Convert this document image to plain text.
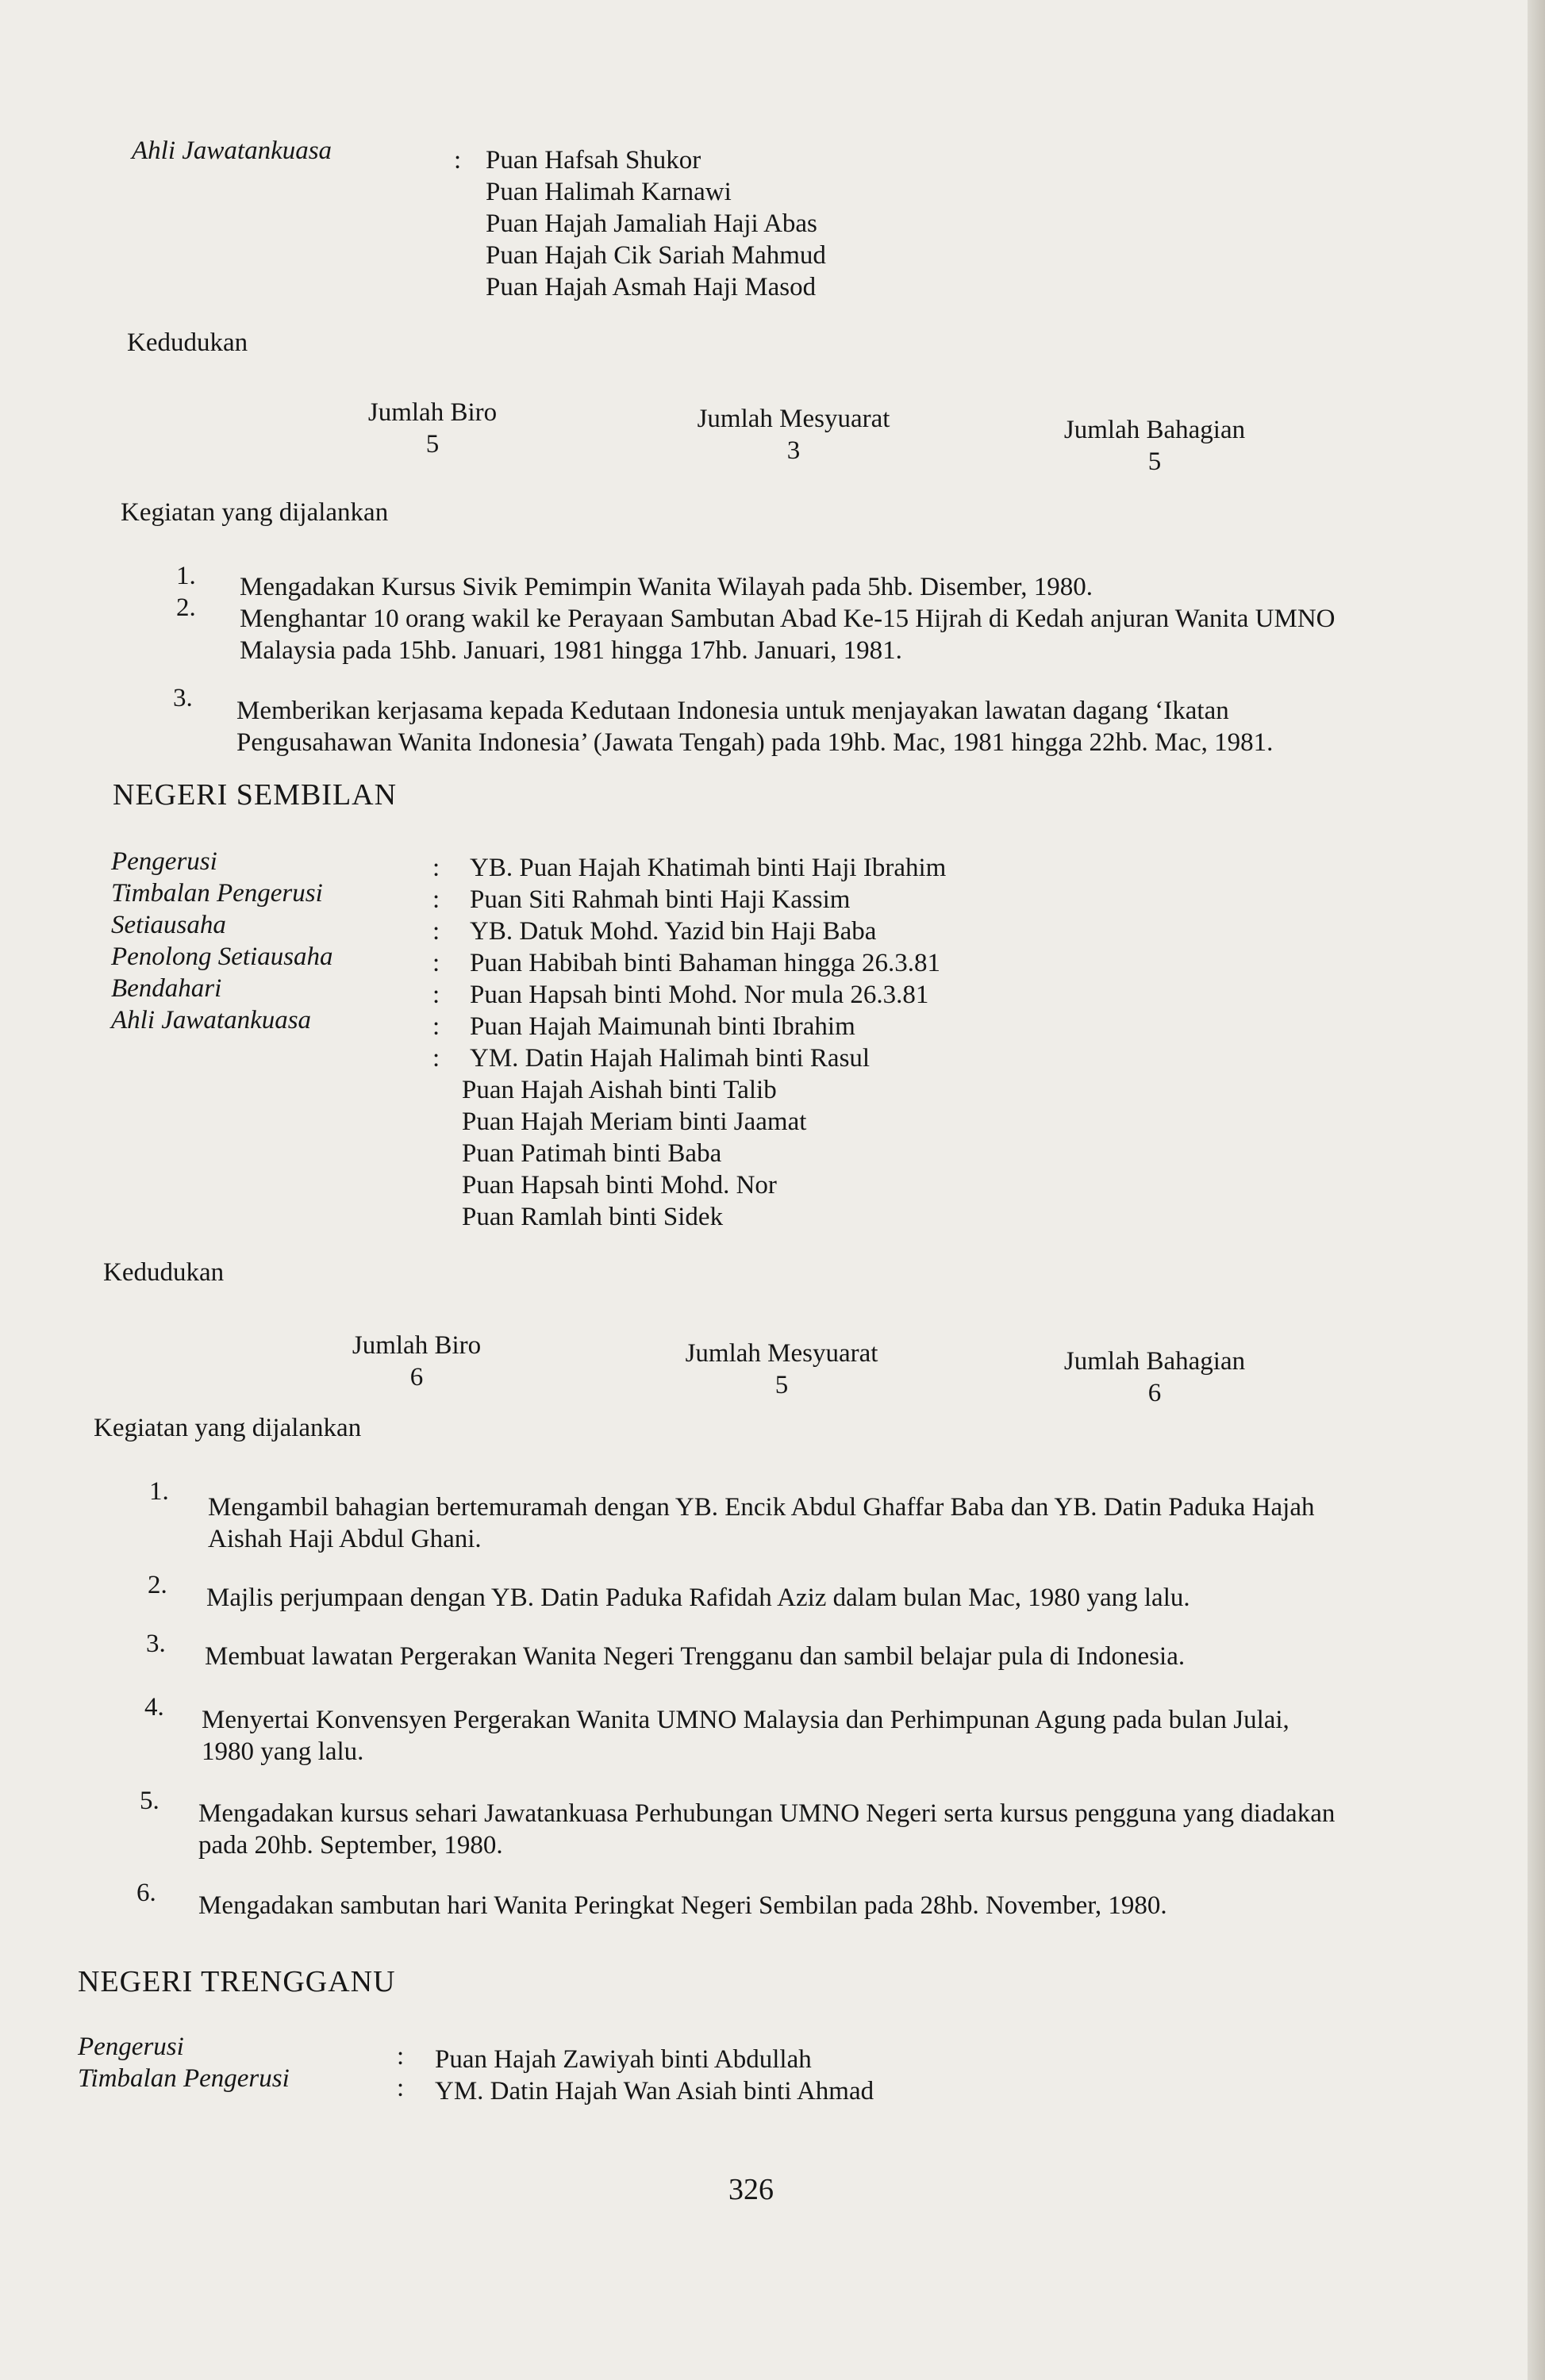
Ahli Jawatankuasa	: Puan Hafsah Shukor
Puan Halimah Karnawi
Puan Hajah Jamaliah Haji Abas
Puan Hajah Cik Sariah Mahmud
Puan Hajah Asmah Haji Masod
Kedudukan
Jumlah Biro
5
Jumlah Mesyuarat
3
Jumlah Bahagian
5
Kegiatan yang dijalankan
1. Mengadakan Kursus Sivik Pemimpin Wanita Wilayah pada 5hb. Disember, 1980.
2. Menghantar 10 orang wakil ke Perayaan Sambutan Abad Ke-15 Hijrah di Kedah anjuran Wanita UMNO
Malaysia pada 15hb. Januari, 1981 hingga 17hb. Januari, 1981.
3. Memberikan kerjasama kepada Kedutaan Indonesia untuk menjayakan lawatan dagang ‘Ikatan
Pengusahawan Wanita Indonesia’ (Jawata Tengah) pada 19hb. Mac, 1981 hingga 22hb. Mac, 1981.
NEGERI SEMBILAN
Pengerusi
Timbalan Pengerusi
Setiausaha
Penolong Setiausaha
Bendahari
Ahli Jawatankuasa
:
:
:
:
:
:
:
YB. Puan Hajah Khatimah binti Haji Ibrahim
Puan Siti Rahmah binti Haji Kassim
YB. Datuk Mohd. Yazid bin Haji Baba
Puan Habibah binti Bahaman hingga 26.3.81
Puan Hapsah binti Mohd. Nor mula 26.3.81
Puan Hajah Maimunah binti Ibrahim
YM. Datin Hajah Halimah binti Rasul
Puan Hajah Aishah binti Talib
Puan Hajah Meriam binti Jaamat
Puan Patimah binti Baba
Puan Hapsah binti Mohd. Nor
Puan Ramlah binti Sidek
Kedudukan
Jumlah Biro
6
Jumlah Mesyuarat
5
Jumlah Bahagian
6
Kegiatan yang dijalankan
1.
Mengambil bahagian bertemuramah dengan YB. Encik Abdul Ghaffar Baba dan YB. Datin Paduka Hajah
Aishah Haji Abdul Ghani.
2. Majlis perjumpaan dengan YB. Datin Paduka Rafidah Aziz dalam bulan Mac, 1980 yang lalu.
3. Membuat lawatan Pergerakan Wanita Negeri Trengganu dan sambil belajar pula di Indonesia.
4. Menyertai Konvensyen Pergerakan Wanita UMNO Malaysia dan Perhimpunan Agung pada bulan Julai,
1980 yang lalu.
5. Mengadakan kursus sehari Jawatankuasa Perhubungan UMNO Negeri serta kursus pengguna yang diadakan
pada 20hb. September, 1980.
6. Mengadakan sambutan hari Wanita Peringkat Negeri Sembilan pada 28hb. November, 1980.
NEGERI TRENGGANU
Pengerusi
Timbalan Pengerusi
:
:
Puan Hajah Zawiyah binti Abdullah
YM. Datin Hajah Wan Asiah binti Ahmad
326
